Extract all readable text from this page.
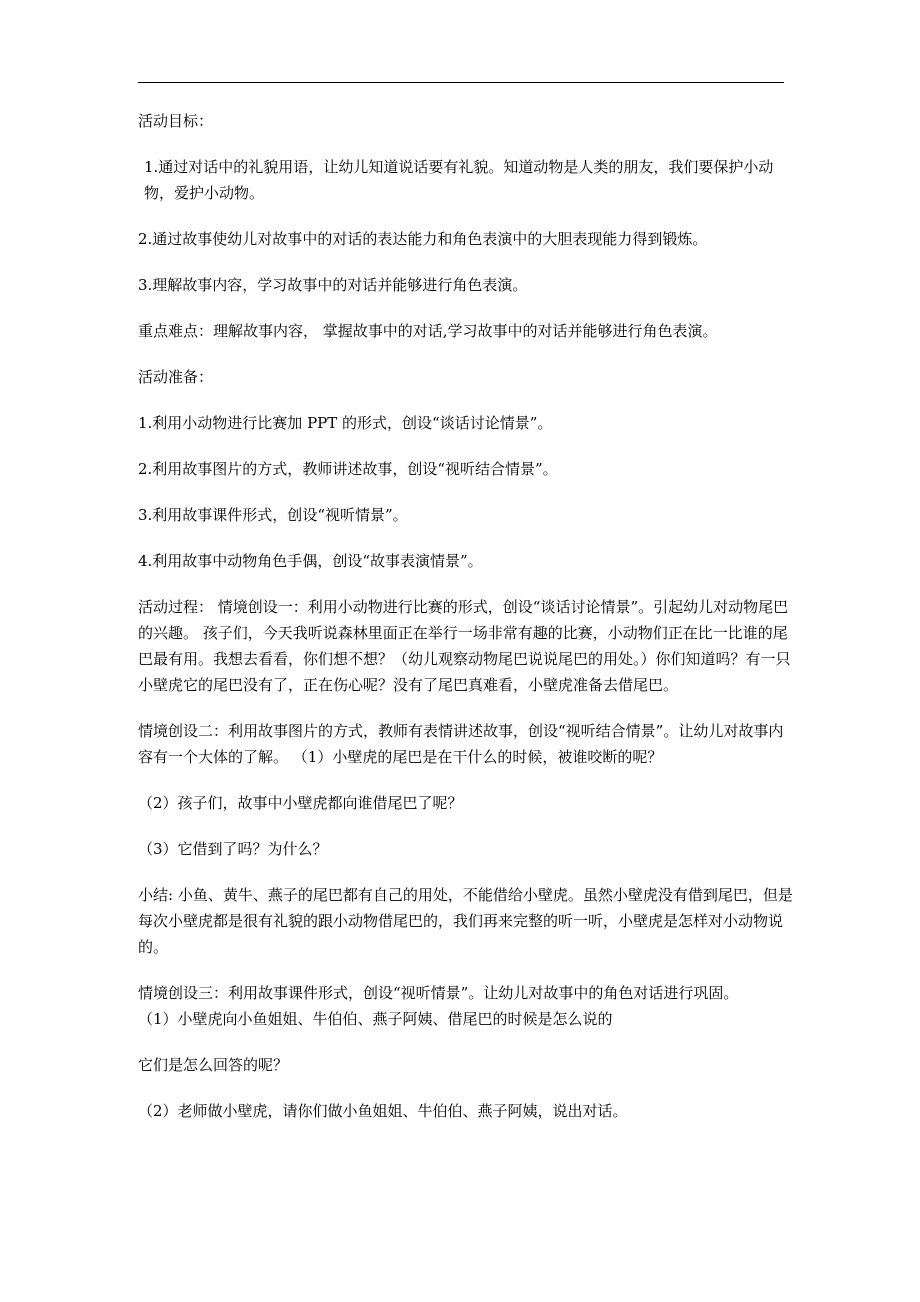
活动目标：

1.通过对话中的礼貌用语，让幼儿知道说话要有礼貌。知道动物是人类的朋友，我们要保护小动物，爱护小动物。

2.通过故事使幼儿对故事中的对话的表达能力和角色表演中的大胆表现能力得到锻炼。

3.理解故事内容，学习故事中的对话并能够进行角色表演。

重点难点：理解故事内容， 掌握故事中的对话,学习故事中的对话并能够进行角色表演。

活动准备：

1.利用小动物进行比赛加 PPT 的形式，创设“谈话讨论情景”。

2.利用故事图片的方式，教师讲述故事，创设“视听结合情景”。

3.利用故事课件形式，创设“视听情景”。

4.利用故事中动物角色手偶，创设“故事表演情景”。

活动过程： 情境创设一：利用小动物进行比赛的形式，创设“谈话讨论情景”。引起幼儿对动物尾巴的兴趣。 孩子们，今天我听说森林里面正在举行一场非常有趣的比赛，小动物们正在比一比谁的尾巴最有用。我想去看看，你们想不想？（幼儿观察动物尾巴说说尾巴的用处。）你们知道吗？有一只小壁虎它的尾巴没有了，正在伤心呢？没有了尾巴真难看，小壁虎准备去借尾巴。

情境创设二：利用故事图片的方式，教师有表情讲述故事，创设“视听结合情景”。让幼儿对故事内容有一个大体的了解。 （1）小壁虎的尾巴是在干什么的时候，被谁咬断的呢？

（2）孩子们，故事中小壁虎都向谁借尾巴了呢？

（3）它借到了吗？为什么？

小结: 小鱼、黄牛、燕子的尾巴都有自己的用处，不能借给小壁虎。虽然小壁虎没有借到尾巴，但是每次小壁虎都是很有礼貌的跟小动物借尾巴的，我们再来完整的听一听，小壁虎是怎样对小动物说的。

情境创设三：利用故事课件形式，创设“视听情景”。让幼儿对故事中的角色对话进行巩固。

（1）小壁虎向小鱼姐姐、牛伯伯、燕子阿姨、借尾巴的时候是怎么说的

它们是怎么回答的呢？

（2）老师做小壁虎，请你们做小鱼姐姐、牛伯伯、燕子阿姨，说出对话。
